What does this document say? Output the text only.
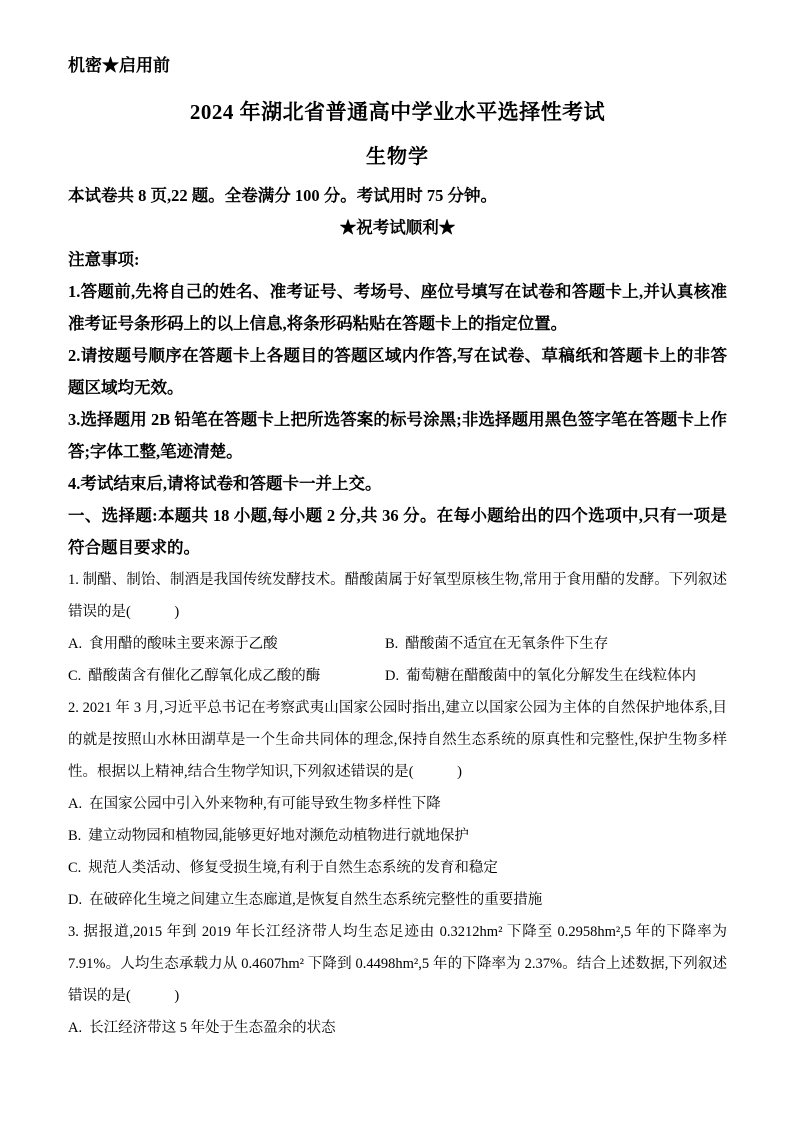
机密★启用前
2024 年湖北省普通高中学业水平选择性考试
生物学
本试卷共 8 页,22 题。全卷满分 100 分。考试用时 75 分钟。
★祝考试顺利★
注意事项:
1.答题前,先将自己的姓名、准考证号、考场号、座位号填写在试卷和答题卡上,并认真核准准考证号条形码上的以上信息,将条形码粘贴在答题卡上的指定位置。
2.请按题号顺序在答题卡上各题目的答题区域内作答,写在试卷、草稿纸和答题卡上的非答题区域均无效。
3.选择题用 2B 铅笔在答题卡上把所选答案的标号涂黑;非选择题用黑色签字笔在答题卡上作答;字体工整,笔迹清楚。
4.考试结束后,请将试卷和答题卡一并上交。
一、选择题:本题共 18 小题,每小题 2 分,共 36 分。在每小题给出的四个选项中,只有一项是符合题目要求的。
1. 制醋、制饴、制酒是我国传统发酵技术。醋酸菌属于好氧型原核生物,常用于食用醋的发酵。下列叙述错误的是(　　　)
A. 食用醋的酸味主要来源于乙酸	B. 醋酸菌不适宜在无氧条件下生存
C. 醋酸菌含有催化乙醇氧化成乙酸的酶	D. 葡萄糖在醋酸菌中的氧化分解发生在线粒体内
2. 2021 年 3 月,习近平总书记在考察武夷山国家公园时指出,建立以国家公园为主体的自然保护地体系,目的就是按照山水林田湖草是一个生命共同体的理念,保持自然生态系统的原真性和完整性,保护生物多样性。根据以上精神,结合生物学知识,下列叙述错误的是(　　　)
A. 在国家公园中引入外来物种,有可能导致生物多样性下降
B. 建立动物园和植物园,能够更好地对濒危动植物进行就地保护
C. 规范人类活动、修复受损生境,有利于自然生态系统的发育和稳定
D. 在破碎化生境之间建立生态廊道,是恢复自然生态系统完整性的重要措施
3. 据报道,2015 年到 2019 年长江经济带人均生态足迹由 0.3212hm² 下降至 0.2958hm²,5 年的下降率为 7.91%。人均生态承载力从 0.4607hm² 下降到 0.4498hm²,5 年的下降率为 2.37%。结合上述数据,下列叙述错误的是(　　　)
A. 长江经济带这 5 年处于生态盈余的状态
